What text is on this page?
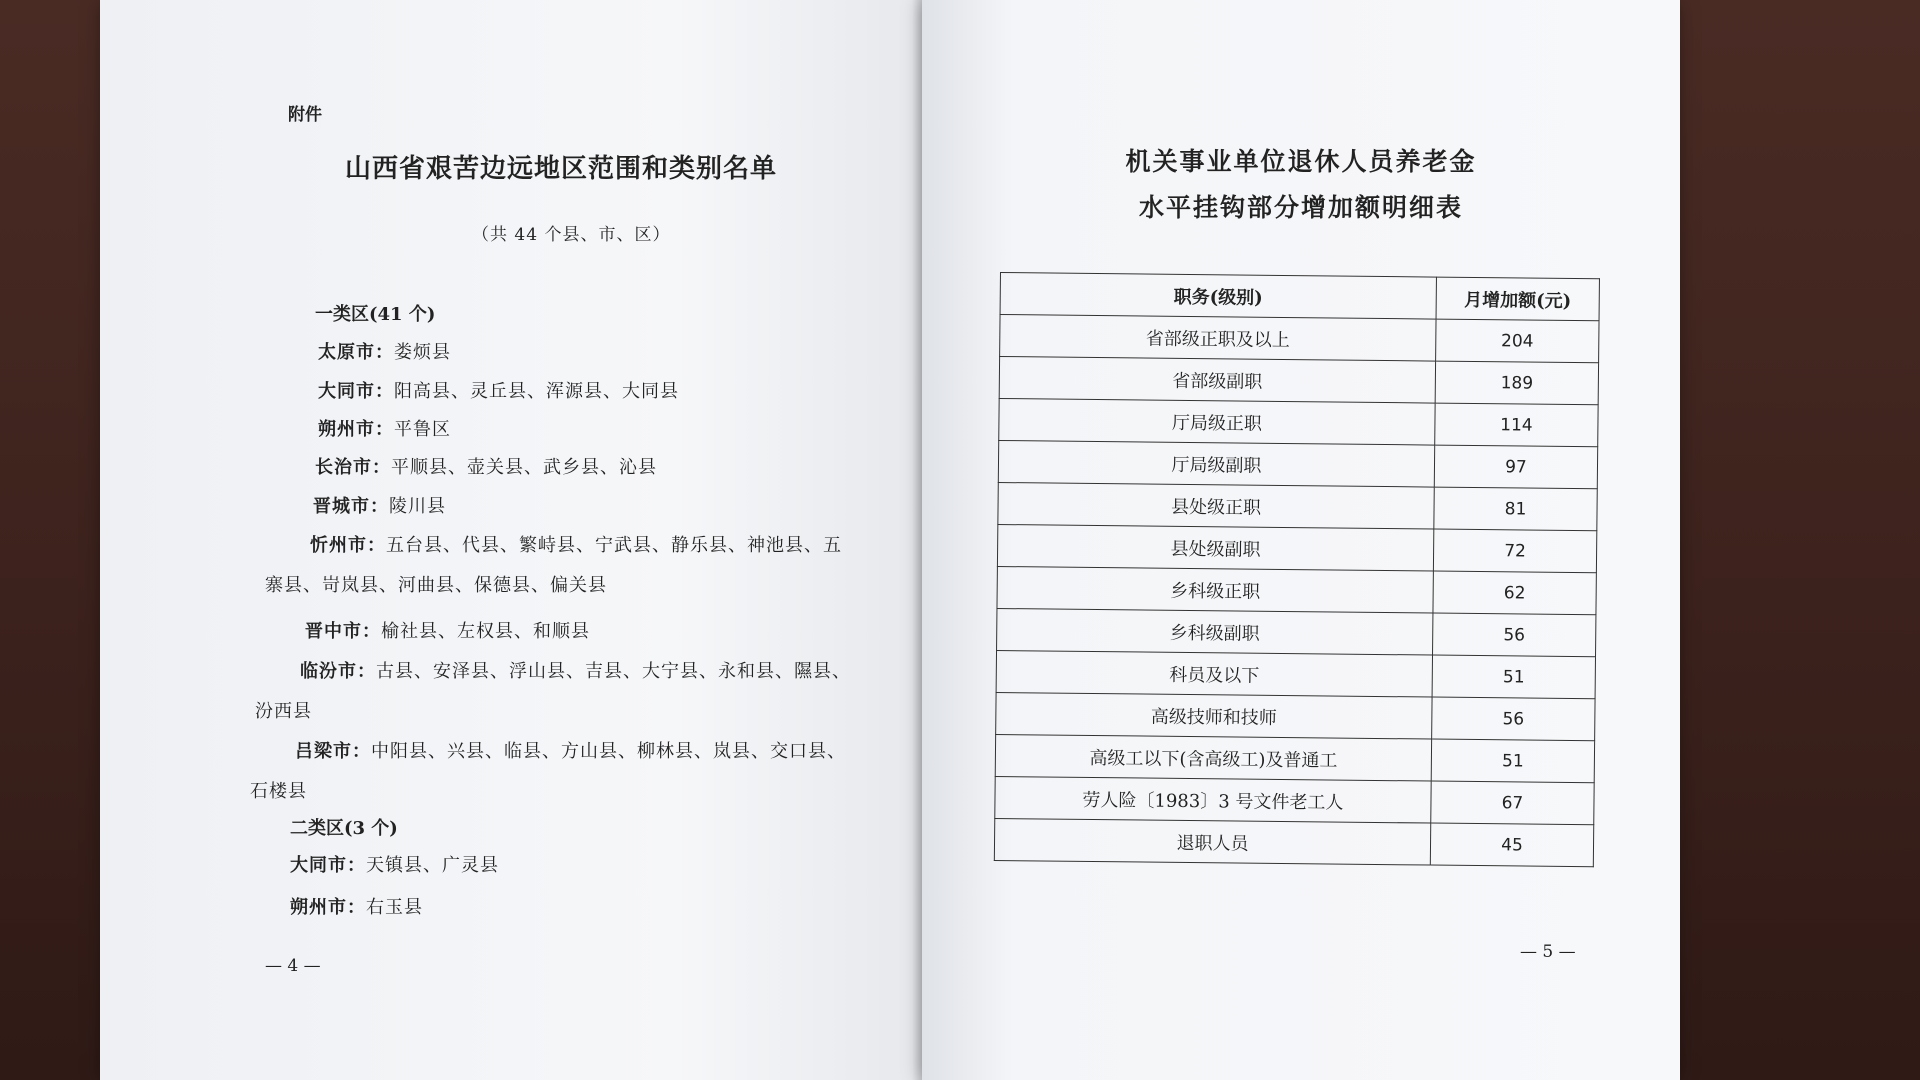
附件
山西省艰苦边远地区范围和类别名单
（共 44 个县、市、区）
一类区(41 个)
太原市：娄烦县
大同市：阳高县、灵丘县、浑源县、大同县
朔州市：平鲁区
长治市：平顺县、壶关县、武乡县、沁县
晋城市：陵川县
忻州市：五台县、代县、繁峙县、宁武县、静乐县、神池县、五寨县、岢岚县、河曲县、保德县、偏关县
晋中市：榆社县、左权县、和顺县
临汾市：古县、安泽县、浮山县、吉县、大宁县、永和县、隰县、汾西县
吕梁市：中阳县、兴县、临县、方山县、柳林县、岚县、交口县、石楼县
二类区(3 个)
大同市：天镇县、广灵县
朔州市：右玉县
— 4 —
机关事业单位退休人员养老金
水平挂钩部分增加额明细表
职务(级别)	月增加额(元)
省部级正职及以上	204
省部级副职	189
厅局级正职	114
厅局级副职	97
县处级正职	81
县处级副职	72
乡科级正职	62
乡科级副职	56
科员及以下	51
高级技师和技师	56
高级工以下(含高级工)及普通工	51
劳人险〔1983〕3 号文件老工人	67
退职人员	45
— 5 —
